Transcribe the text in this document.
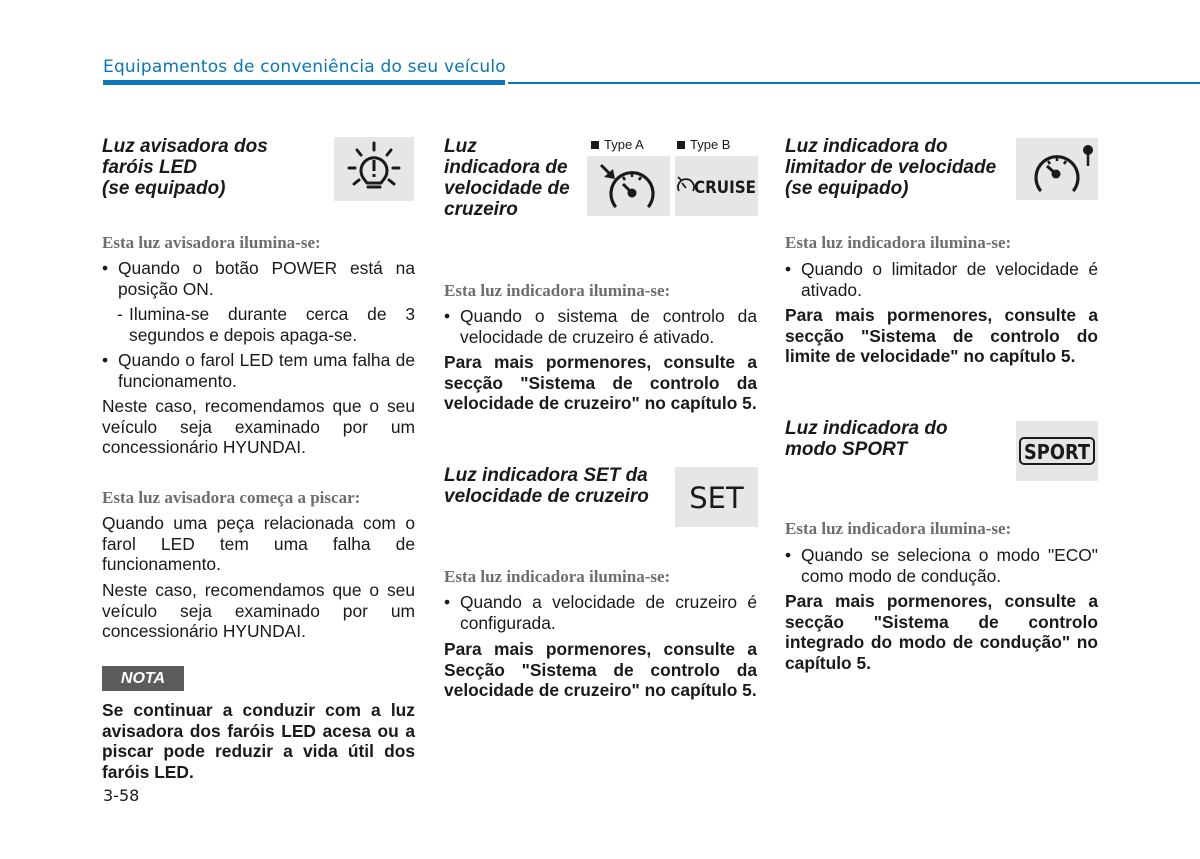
Equipamentos de conveniência do seu veículo
Luz avisadora dos
faróis LED
(se equipado)
Esta luz avisadora ilumina-se:
• Quando o botão POWER está na posição ON.
- Ilumina-se durante cerca de 3 segundos e depois apaga-se.
• Quando o farol LED tem uma falha de funcionamento.
Neste caso, recomendamos que o seu veículo seja examinado por um concessionário HYUNDAI.
Esta luz avisadora começa a piscar:
Quando uma peça relacionada com o farol LED tem uma falha de funcionamento.
Neste caso, recomendamos que o seu veículo seja examinado por um concessionário HYUNDAI.
NOTA
Se continuar a conduzir com a luz avisadora dos faróis LED acesa ou a piscar pode reduzir a vida útil dos faróis LED.
3-58
Luz
indicadora de
velocidade de
cruzeiro
Type A	Type B
CRUISE
Esta luz indicadora ilumina-se:
• Quando o sistema de controlo da velocidade de cruzeiro é ativado.
Para mais pormenores, consulte a secção "Sistema de controlo da velocidade de cruzeiro" no capítulo 5.
Luz indicadora SET da
velocidade de cruzeiro SET
Esta luz indicadora ilumina-se:
• Quando a velocidade de cruzeiro é configurada.
Para mais pormenores, consulte a Secção "Sistema de controlo da velocidade de cruzeiro" no capítulo 5.
Luz indicadora do
limitador de velocidade
(se equipado)
Esta luz indicadora ilumina-se:
• Quando o limitador de velocidade é ativado.
Para mais pormenores, consulte a secção "Sistema de controlo do limite de velocidade" no capítulo 5.
Luz indicadora do
modo SPORT	SPORT
Esta luz indicadora ilumina-se:
• Quando se seleciona o modo "ECO" como modo de condução.
Para mais pormenores, consulte a secção "Sistema de controlo integrado do modo de condução" no capítulo 5.
